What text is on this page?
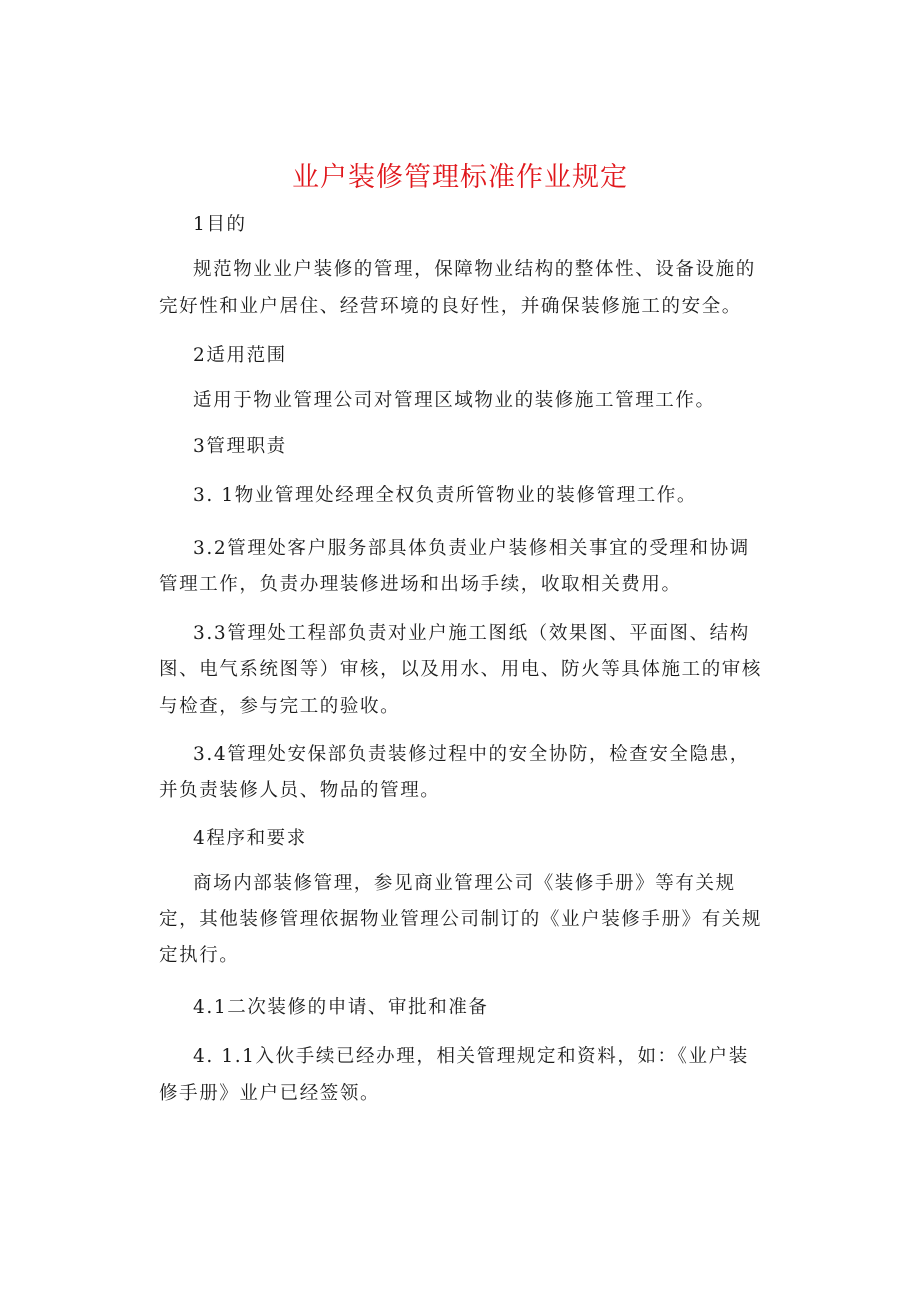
业户装修管理标准作业规定
1目的
规范物业业户装修的管理，保障物业结构的整体性、设备设施的
完好性和业户居住、经营环境的良好性，并确保装修施工的安全。
2适用范围
适用于物业管理公司对管理区域物业的装修施工管理工作。
3管理职责
3. 1物业管理处经理全权负责所管物业的装修管理工作。
3.2管理处客户服务部具体负责业户装修相关事宜的受理和协调
管理工作，负责办理装修进场和出场手续，收取相关费用。
3.3管理处工程部负责对业户施工图纸（效果图、平面图、结构
图、电气系统图等）审核，以及用水、用电、防火等具体施工的审核
与检查，参与完工的验收。
3.4管理处安保部负责装修过程中的安全协防，检查安全隐患，
并负责装修人员、物品的管理。
4程序和要求
商场内部装修管理，参见商业管理公司《装修手册》等有关规
定，其他装修管理依据物业管理公司制订的《业户装修手册》有关规
定执行。
4.1二次装修的申请、审批和准备
4. 1.1入伙手续已经办理，相关管理规定和资料，如：《业户装
修手册》业户已经签领。
